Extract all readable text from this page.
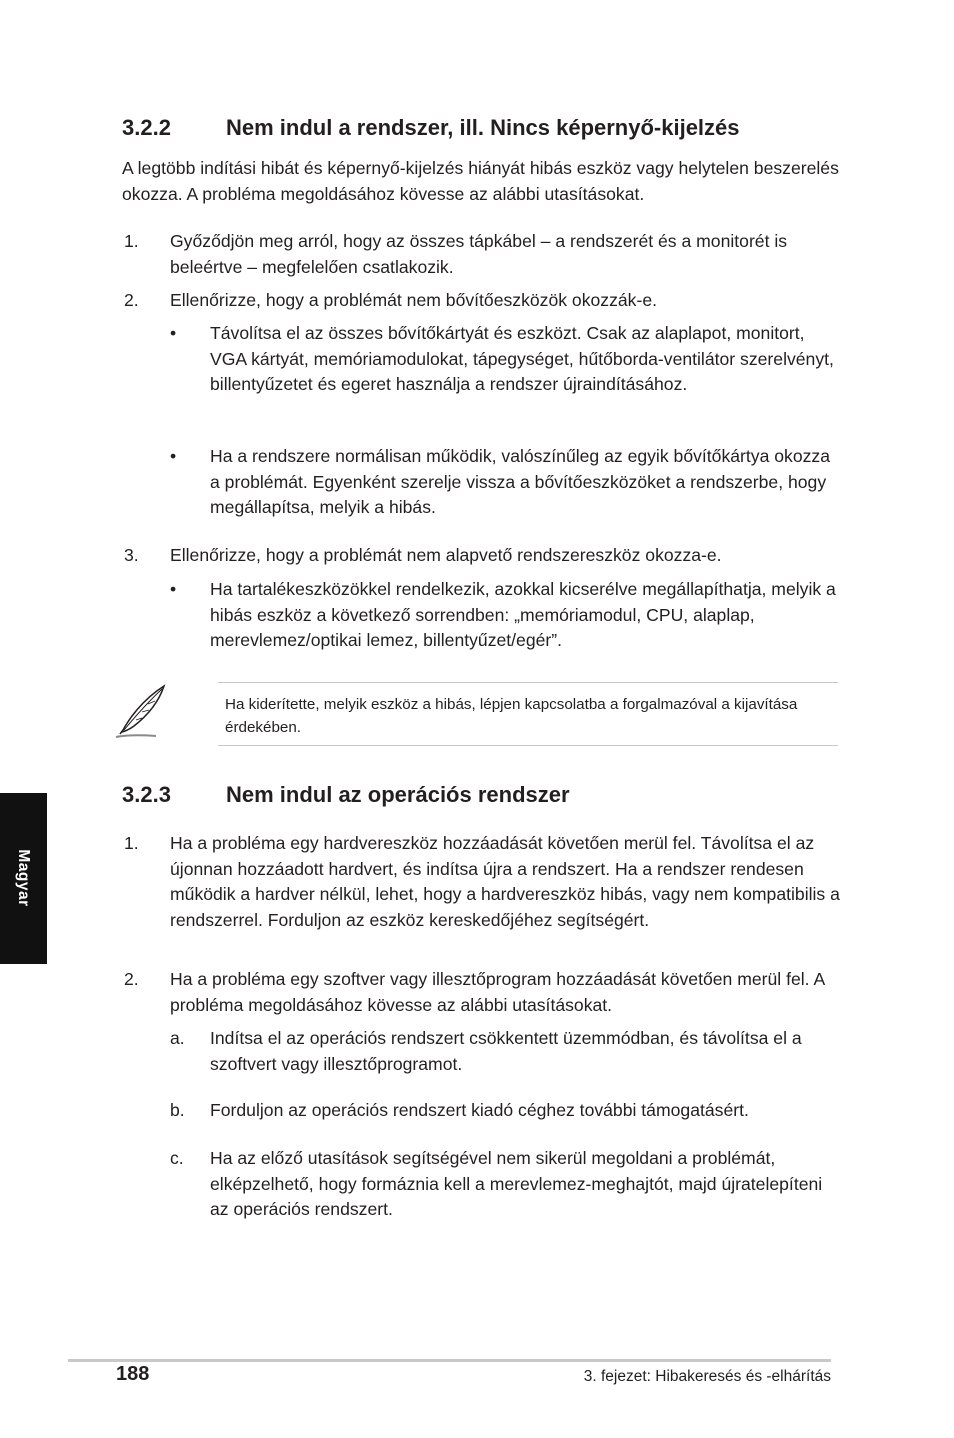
3.2.2	Nem indul a rendszer, ill. Nincs képernyő-kijelzés

A legtöbb indítási hibát és képernyő-kijelzés hiányát hibás eszköz vagy helytelen beszerelés okozza. A probléma megoldásához kövesse az alábbi utasításokat.

1. Győződjön meg arról, hogy az összes tápkábel – a rendszerét és a monitorét is beleértve – megfelelően csatlakozik.
2. Ellenőrizze, hogy a problémát nem bővítőeszközök okozzák-e.
• Távolítsa el az összes bővítőkártyát és eszközt. Csak az alaplapot, monitort, VGA kártyát, memóriamodulokat, tápegységet, hűtőborda-ventilátor szerelvényt, billentyűzetet és egeret használja a rendszer újraindításához.
• Ha a rendszere normálisan működik, valószínűleg az egyik bővítőkártya okozza a problémát. Egyenként szerelje vissza a bővítőeszközöket a rendszerbe, hogy megállapítsa, melyik a hibás.
3. Ellenőrizze, hogy a problémát nem alapvető rendszereszköz okozza-e.
• Ha tartalékeszközökkel rendelkezik, azokkal kicserélve megállapíthatja, melyik a hibás eszköz a következő sorrendben: „memóriamodul, CPU, alaplap, merevlemez/optikai lemez, billentyűzet/egér”.

Ha kiderítette, melyik eszköz a hibás, lépjen kapcsolatba a forgalmazóval a kijavítása érdekében.

3.2.3	Nem indul az operációs rendszer
1. Ha a probléma egy hardvereszköz hozzáadását követően merül fel. Távolítsa el az újonnan hozzáadott hardvert, és indítsa újra a rendszert. Ha a rendszer rendesen működik a hardver nélkül, lehet, hogy a hardvereszköz hibás, vagy nem kompatibilis a rendszerrel. Forduljon az eszköz kereskedőjéhez segítségért.
2. Ha a probléma egy szoftver vagy illesztőprogram hozzáadását követően merül fel. A probléma megoldásához kövesse az alábbi utasításokat.
a. Indítsa el az operációs rendszert csökkentett üzemmódban, és távolítsa el a szoftvert vagy illesztőprogramot.
b. Forduljon az operációs rendszert kiadó céghez további támogatásért.
c. Ha az előző utasítások segítségével nem sikerül megoldani a problémát, elképzelhető, hogy formáznia kell a merevlemez-meghajtót, majd újratelepíteni az operációs rendszert.
Magyar
188	3. fejezet: Hibakeresés és -elhárítás
